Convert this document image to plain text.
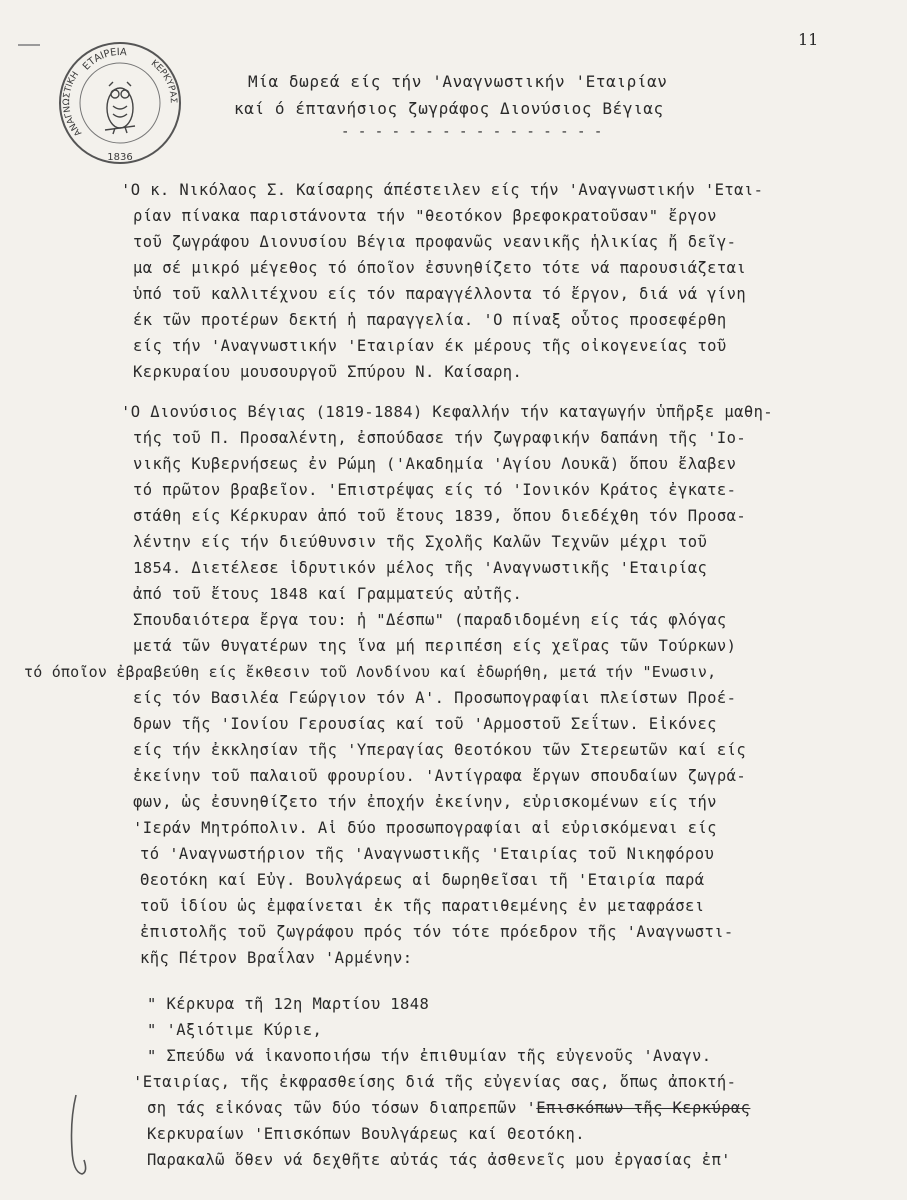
ΕΤΑΙΡΕΙΑ
ΑΝΑΓΝΩΣΤΙΚΗ
ΚΕΡΚΥΡΑΣ
1836
11
Μία δωρεά είς τήν 'Αναγνωστικήν 'Εταιρίαν
καί ό έπτανήσιος ζωγράφος Διονύσιος Βέγιας
- - - - - - - - - - - - - - - -
'Ο κ. Νικόλαος Σ. Καίσαρης άπέστειλεν είς τήν 'Αναγνωστικήν 'Εται-
ρίαν πίνακα παριστάνοντα τήν "θεοτόκον βρεφοκρατοῦσαν" ἔργον
τοῦ ζωγράφου Διονυσίου Βέγια προφανῶς νεανικῆς ἡλικίας ἤ δεῖγ-
μα σέ μικρό μέγεθος τό όποῖον ἐσυνηθίζετο τότε νά παρουσιάζεται
ὑπό τοῦ καλλιτέχνου είς τόν παραγγέλλοντα τό ἔργον, διά νά γίνη
έκ τῶν προτέρων δεκτή ἡ παραγγελία. 'Ο πίναξ οὗτος προσεφέρθη
είς τήν 'Αναγνωστικήν 'Εταιρίαν έκ μέρους τῆς οἰκογενείας τοῦ
Κερκυραίου μουσουργοῦ Σπύρου Ν. Καίσαρη.
'Ο Διονύσιος Βέγιας (1819-1884) Κεφαλλήν τήν καταγωγήν ὑπῆρξε μαθη-
τής τοῦ Π. Προσαλέντη, ἐσπούδασε τήν ζωγραφικήν δαπάνη τῆς 'Ιο-
νικῆς Κυβερνήσεως ἐν Ρώμη ('Ακαδημία 'Αγίου Λουκᾶ) ὅπου ἔλαβεν
τό πρῶτον βραβεῖον. 'Επιστρέψας είς τό 'Ιονικόν Κράτος ἐγκατε-
στάθη είς Κέρκυραν ἀπό τοῦ ἔτους 1839, ὅπου διεδέχθη τόν Προσα-
λέντην είς τήν διεύθυνσιν τῆς Σχολῆς Καλῶν Τεχνῶν μέχρι τοῦ
1854. Διετέλεσε ἱδρυτικόν μέλος τῆς 'Αναγνωστικῆς 'Εταιρίας
ἀπό τοῦ ἔτους 1848 καί Γραμματεύς αὐτῆς.
Σπουδαιότερα ἔργα του: ἡ "Δέσπω" (παραδιδομένη είς τάς φλόγας
μετά τῶν θυγατέρων της ἵνα μή περιπέση είς χεῖρας τῶν Τούρκων)
τό όποῖον ἐβραβεύθη είς ἔκθεσιν τοῦ Λονδίνου καί ἐδωρήθη, μετά τήν "Ενωσιν,
είς τόν Βασιλέα Γεώργιον τόν Α'. Προσωπογραφίαι πλείστων Προέ-
δρων τῆς 'Ιονίου Γερουσίας καί τοῦ 'Αρμοστοῦ Σεΐτων. Εἰκόνες
είς τήν ἐκκλησίαν τῆς 'Υπεραγίας Θεοτόκου τῶν Στερεωτῶν καί είς
ἐκείνην τοῦ παλαιοῦ φρουρίου. 'Αντίγραφα ἔργων σπουδαίων ζωγρά-
φων, ὡς ἐσυνηθίζετο τήν ἐποχήν ἐκείνην, εὑρισκομένων είς τήν
'Ιεράν Μητρόπολιν. Αἱ δύο προσωπογραφίαι αἱ εὑρισκόμεναι είς
τό 'Αναγνωστήριον τῆς 'Αναγνωστικῆς 'Εταιρίας τοῦ Νικηφόρου
Θεοτόκη καί Εὐγ. Βουλγάρεως αἱ δωρηθεῖσαι τῆ 'Εταιρία παρά
τοῦ ἰδίου ὡς ἐμφαίνεται ἐκ τῆς παρατιθεμένης ἐν μεταφράσει
ἐπιστολῆς τοῦ ζωγράφου πρός τόν τότε πρόεδρον τῆς 'Αναγνωστι-
κῆς Πέτρον Βραΐλαν 'Αρμένην:
" Κέρκυρα τῆ 12η Μαρτίου 1848
" 'Αξιότιμε Κύριε,
" Σπεύδω νά ἱκανοποιήσω τήν ἐπιθυμίαν τῆς εὐγενοῦς 'Αναγν.
'Εταιρίας, τῆς ἐκφρασθείσης διά τῆς εὐγενίας σας, ὅπως ἀποκτή-
ση τάς εἰκόνας τῶν δύο τόσων διαπρεπῶν 'Επισκόπων τῆς Κερκύρας
Κερκυραίων 'Επισκόπων Βουλγάρεως καί Θεοτόκη.
Παρακαλῶ ὅθεν νά δεχθῆτε αὐτάς τάς ἀσθενεῖς μου ἐργασίας ἐπ'
